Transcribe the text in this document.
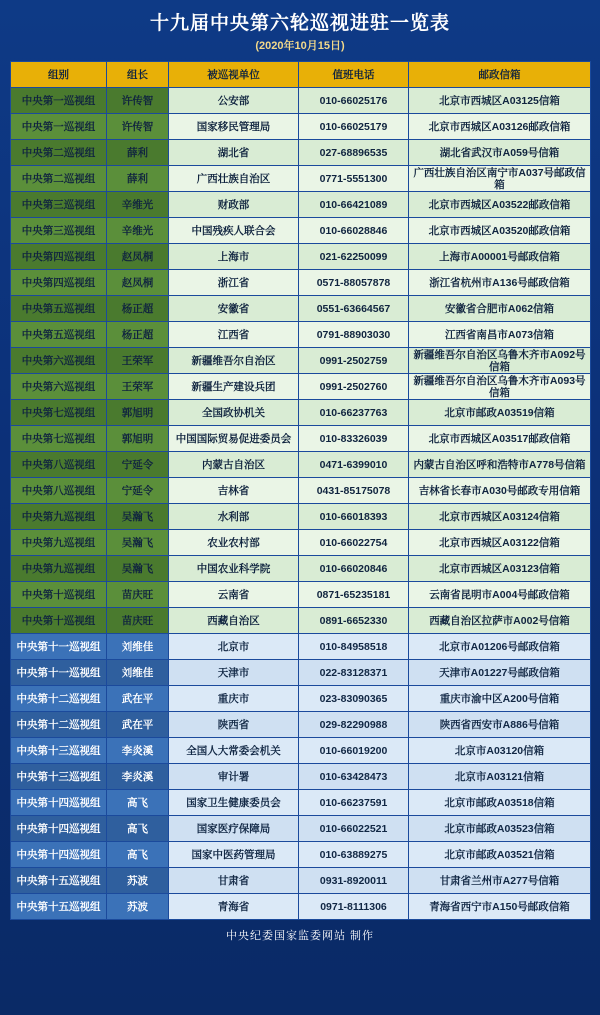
十九届中央第六轮巡视进驻一览表
(2020年10月15日)
组别	组长	被巡视单位	值班电话	邮政信箱
中央第一巡视组	许传智	公安部	010-66025176	北京市西城区A03125信箱
中央第一巡视组	许传智	国家移民管理局	010-66025179	北京市西城区A03126邮政信箱
中央第二巡视组	薛利	湖北省	027-68896535	湖北省武汉市A059号信箱
中央第二巡视组	薛利	广西壮族自治区	0771-5551300	广西壮族自治区南宁市A037号邮政信箱
中央第三巡视组	辛维光	财政部	010-66421089	北京市西城区A03522邮政信箱
中央第三巡视组	辛维光	中国残疾人联合会	010-66028846	北京市西城区A03520邮政信箱
中央第四巡视组	赵凤桐	上海市	021-62250099	上海市A00001号邮政信箱
中央第四巡视组	赵凤桐	浙江省	0571-88057878	浙江省杭州市A136号邮政信箱
中央第五巡视组	杨正超	安徽省	0551-63664567	安徽省合肥市A062信箱
中央第五巡视组	杨正超	江西省	0791-88903030	江西省南昌市A073信箱
中央第六巡视组	王荣军	新疆维吾尔自治区	0991-2502759	新疆维吾尔自治区乌鲁木齐市A092号信箱
中央第六巡视组	王荣军	新疆生产建设兵团	0991-2502760	新疆维吾尔自治区乌鲁木齐市A093号信箱
中央第七巡视组	郭旭明	全国政协机关	010-66237763	北京市邮政A03519信箱
中央第七巡视组	郭旭明	中国国际贸易促进委员会	010-83326039	北京市西城区A03517邮政信箱
中央第八巡视组	宁延令	内蒙古自治区	0471-6399010	内蒙古自治区呼和浩特市A778号信箱
中央第八巡视组	宁延令	吉林省	0431-85175078	吉林省长春市A030号邮政专用信箱
中央第九巡视组	吴瀚飞	水利部	010-66018393	北京市西城区A03124信箱
中央第九巡视组	吴瀚飞	农业农村部	010-66022754	北京市西城区A03122信箱
中央第九巡视组	吴瀚飞	中国农业科学院	010-66020846	北京市西城区A03123信箱
中央第十巡视组	苗庆旺	云南省	0871-65235181	云南省昆明市A004号邮政信箱
中央第十巡视组	苗庆旺	西藏自治区	0891-6652330	西藏自治区拉萨市A002号信箱
中央第十一巡视组	刘维佳	北京市	010-84958518	北京市A01206号邮政信箱
中央第十一巡视组	刘维佳	天津市	022-83128371	天津市A01227号邮政信箱
中央第十二巡视组	武在平	重庆市	023-83090365	重庆市渝中区A200号信箱
中央第十二巡视组	武在平	陕西省	029-82290988	陕西省西安市A886号信箱
中央第十三巡视组	李炎溪	全国人大常委会机关	010-66019200	北京市A03120信箱
中央第十三巡视组	李炎溪	审计署	010-63428473	北京市A03121信箱
中央第十四巡视组	高飞	国家卫生健康委员会	010-66237591	北京市邮政A03518信箱
中央第十四巡视组	高飞	国家医疗保障局	010-66022521	北京市邮政A03523信箱
中央第十四巡视组	高飞	国家中医药管理局	010-63889275	北京市邮政A03521信箱
中央第十五巡视组	苏波	甘肃省	0931-8920011	甘肃省兰州市A277号信箱
中央第十五巡视组	苏波	青海省	0971-8111306	青海省西宁市A150号邮政信箱
中央纪委国家监委网站 制作
